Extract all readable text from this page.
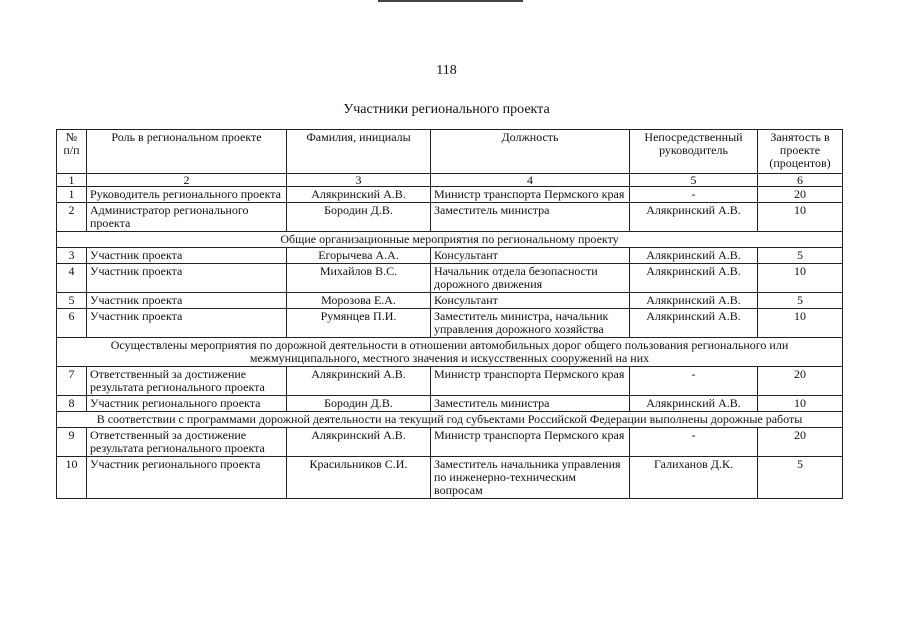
118
Участники регионального проекта
№ п/п	Роль в региональном проекте	Фамилия, инициалы	Должность	Непосредственный руководитель	Занятость в проекте (процентов)
1	2	3	4	5	6
1	Руководитель регионального проекта	Алякринский А.В.	Министр транспорта Пермского края	-	20
2	Администратор регионального проекта	Бородин Д.В.	Заместитель министра	Алякринский А.В.	10
Общие организационные мероприятия по региональному проекту					
3	Участник проекта	Егорычева А.А.	Консультант	Алякринский А.В.	5
4	Участник проекта	Михайлов В.С.	Начальник отдела безопасности дорожного движения	Алякринский А.В.	10
5	Участник проекта	Морозова Е.А.	Консультант	Алякринский А.В.	5
6	Участник проекта	Румянцев П.И.	Заместитель министра, начальник управления дорожного хозяйства	Алякринский А.В.	10
Осуществлены мероприятия по дорожной деятельности в отношении автомобильных дорог общего пользования регионального или межмуниципального, местного значения и искусственных сооружений на них					
7	Ответственный за достижение результата регионального проекта	Алякринский А.В.	Министр транспорта Пермского края	-	20
8	Участник регионального проекта	Бородин Д.В.	Заместитель министра	Алякринский А.В.	10
В соответствии с программами дорожной деятельности на текущий год субъектами Российской Федерации выполнены дорожные работы					
9	Ответственный за достижение результата регионального проекта	Алякринский А.В.	Министр транспорта Пермского края	-	20
10	Участник регионального проекта	Красильников С.И.	Заместитель начальника управления по инженерно-техническим вопросам	Галиханов Д.К.	5
